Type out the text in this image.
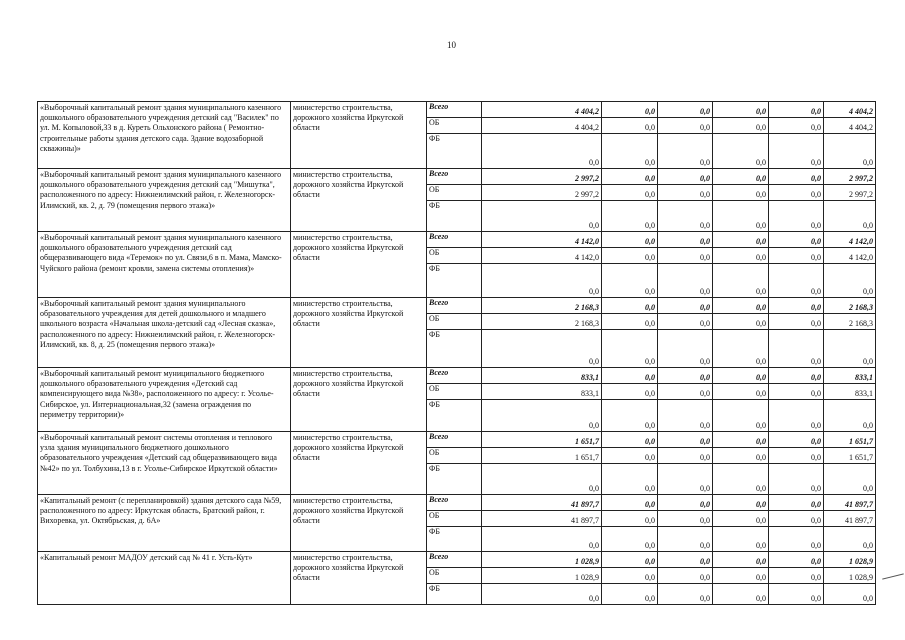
10
«Выборочный капитальный ремонт здания муниципального казенного дошкольного образовательного учреждения детский сад "Василек" по ул. М. Копыловой,33 в д. Куреть Ольхонского района ( Ремонтно-строительные работы здания детского сада. Здание водозаборной скважины)»	министерство строительства, дорожного хозяйства Иркутской области	Всего	4 404,2	0,0	0,0	0,0	0,0	4 404,2
		ОБ	4 404,2	0,0	0,0	0,0	0,0	4 404,2
		ФБ	0,0	0,0	0,0	0,0	0,0	0,0
«Выборочный капитальный ремонт здания муниципального казенного дошкольного образовательного учреждения детский сад "Мишутка", расположенного по адресу: Нижнеилимский район, г. Железногорск-Илимский, кв. 2, д. 79 (помещения первого этажа)»	министерство строительства, дорожного хозяйства Иркутской области	Всего	2 997,2	0,0	0,0	0,0	0,0	2 997,2
		ОБ	2 997,2	0,0	0,0	0,0	0,0	2 997,2
		ФБ	0,0	0,0	0,0	0,0	0,0	0,0
«Выборочный капитальный ремонт здания муниципального казенного дошкольного образовательного учреждения детский сад общеразвивающего вида «Теремок» по ул. Связи,6 в п. Мама, Мамско-Чуйского района (ремонт кровли, замена системы отопления)»	министерство строительства, дорожного хозяйства Иркутской области	Всего	4 142,0	0,0	0,0	0,0	0,0	4 142,0
		ОБ	4 142,0	0,0	0,0	0,0	0,0	4 142,0
		ФБ	0,0	0,0	0,0	0,0	0,0	0,0
«Выборочный капитальный ремонт здания муниципального образовательного учреждения для детей дошкольного и младшего школьного возраста «Начальная школа-детский сад «Лесная сказка», расположенного по адресу: Нижнеилимский район, г. Железногорск-Илимский, кв. 8, д. 25 (помещения первого этажа)»	министерство строительства, дорожного хозяйства Иркутской области	Всего	2 168,3	0,0	0,0	0,0	0,0	2 168,3
		ОБ	2 168,3	0,0	0,0	0,0	0,0	2 168,3
		ФБ	0,0	0,0	0,0	0,0	0,0	0,0
«Выборочный капитальный ремонт муниципального бюджетного дошкольного образовательного учреждения «Детский сад компенсирующего вида №38», расположенного по адресу: г. Усолье-Сибирское, ул. Интернациональная,32 (замена ограждения по периметру территории)»	министерство строительства, дорожного хозяйства Иркутской области	Всего	833,1	0,0	0,0	0,0	0,0	833,1
		ОБ	833,1	0,0	0,0	0,0	0,0	833,1
		ФБ	0,0	0,0	0,0	0,0	0,0	0,0
«Выборочный капитальный ремонт системы отопления и теплового узла здания муниципального бюджетного дошкольного образовательного учреждения «Детский сад общеразвивающего вида №42» по ул. Толбухина,13 в г. Усолье-Сибирское Иркутской области»	министерство строительства, дорожного хозяйства Иркутской области	Всего	1 651,7	0,0	0,0	0,0	0,0	1 651,7
		ОБ	1 651,7	0,0	0,0	0,0	0,0	1 651,7
		ФБ	0,0	0,0	0,0	0,0	0,0	0,0
«Капитальный ремонт (с перепланировкой) здания детского сада №59, расположенного по адресу: Иркутская область, Братский район, г. Вихоревка, ул. Октябрьская, д. 6А»	министерство строительства, дорожного хозяйства Иркутской области	Всего	41 897,7	0,0	0,0	0,0	0,0	41 897,7
		ОБ	41 897,7	0,0	0,0	0,0	0,0	41 897,7
		ФБ	0,0	0,0	0,0	0,0	0,0	0,0
«Капитальный ремонт МАДОУ детский сад № 41 г. Усть-Кут»	министерство строительства, дорожного хозяйства Иркутской области	Всего	1 028,9	0,0	0,0	0,0	0,0	1 028,9
		ОБ	1 028,9	0,0	0,0	0,0	0,0	1 028,9
		ФБ	0,0	0,0	0,0	0,0	0,0	0,0
